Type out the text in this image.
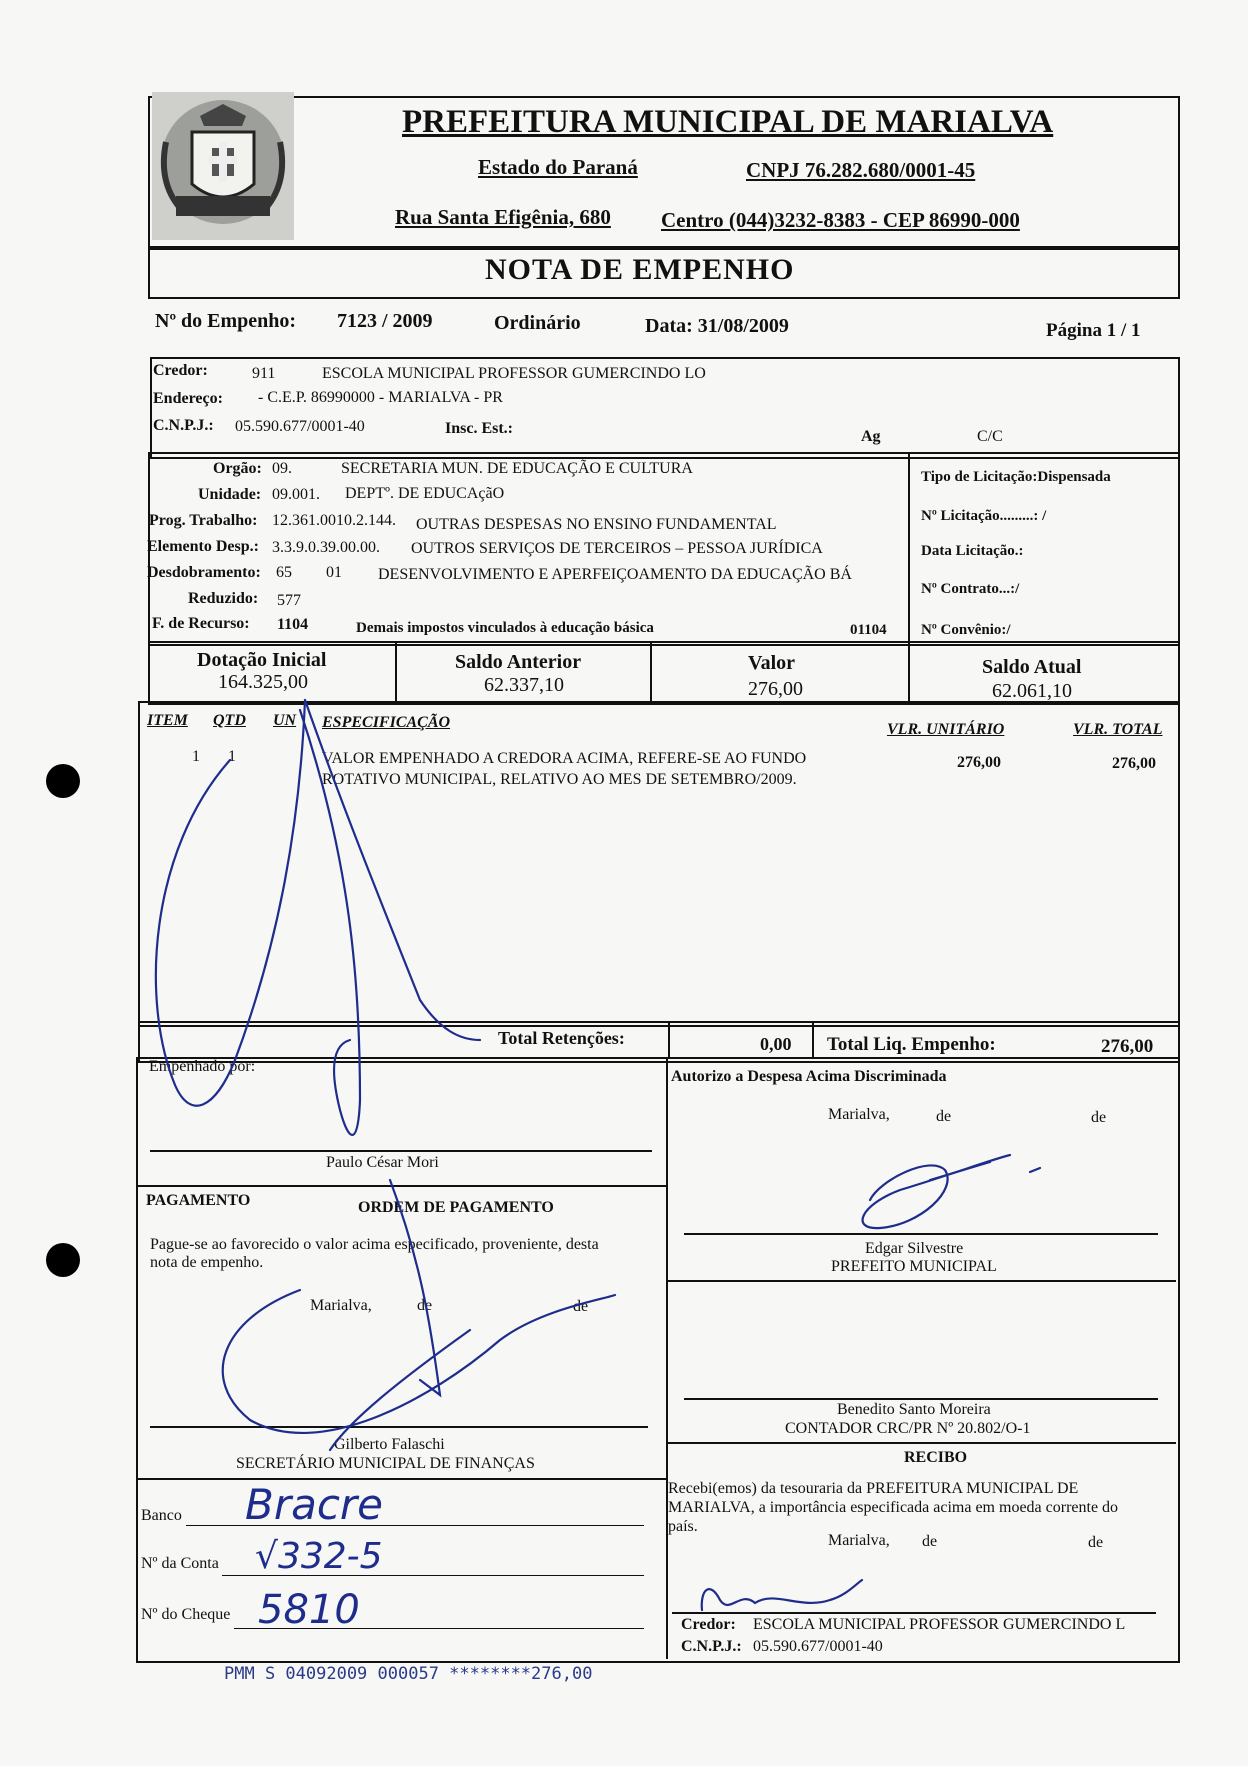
PREFEITURA MUNICIPAL DE MARIALVA
Estado do Paraná	CNPJ 76.282.680/0001-45
Rua Santa Efigênia, 680 Centro (044)3232-8383 - CEP 86990-000
NOTA DE EMPENHO
Nº do Empenho: 7123 / 2009	Ordinário	Data: 31/08/2009	Página 1 / 1
Credor:	911	ESCOLA MUNICIPAL PROFESSOR GUMERCINDO LO
Endereço: - C.E.P. 86990000 - MARIALVA - PR
C.N.P.J.: 05.590.677/0001-40	Insc. Est.:	Ag	C/C
Orgão: 09.	SECRETARIA MUN. DE EDUCAÇÃO E CULTURA
Unidade: 09.001. DEPTº. DE EDUCAçãO
Prog. Trabalho: 12.361.0010.2.144. OUTRAS DESPESAS NO ENSINO FUNDAMENTAL
Elemento Desp.: 3.3.9.0.39.00.00. OUTROS SERVIÇOS DE TERCEIROS – PESSOA JURÍDICA
Desdobramento: 65 01 DESENVOLVIMENTO E APERFEIÇOAMENTO DA EDUCAÇÃO BÁ
Reduzido: 577
F. de Recurso: 1104	Demais impostos vinculados à educação básica	01104
Tipo de Licitação:Dispensada
Nº Licitação.........: /
Data Licitação.:
Nº Contrato...:/
Nº Convênio:/
Dotação Inicial
164.325,00
Saldo Anterior
62.337,10
Valor
276,00
Saldo Atual
62.061,10
ITEM QTD UN ESPECIFICAÇÃO	VLR. UNITÁRIO	VLR. TOTAL
1 1	VALOR EMPENHADO A CREDORA ACIMA, REFERE-SE AO FUNDO
ROTATIVO MUNICIPAL, RELATIVO AO MES DE SETEMBRO/2009.
276,00	276,00
Total Retenções:	0,00 Total Liq. Empenho:	276,00
Empenhado por:
Paulo César Mori
PAGAMENTO	ORDEM DE PAGAMENTO
Pague-se ao favorecido o valor acima especificado, proveniente, desta
nota de empenho.
Marialva,	de	de
Gilberto Falaschi
SECRETÁRIO MUNICIPAL DE FINANÇAS
Banco Bracre
Nº da Conta √332-5
Nº do Cheque 5810
Autorizo a Despesa Acima Discriminada
Marialva,	de	de
Edgar Silvestre
PREFEITO MUNICIPAL
Benedito Santo Moreira
CONTADOR CRC/PR Nº 20.802/O-1
RECIBO
Recebi(emos) da tesouraria da PREFEITURA MUNICIPAL DE
MARIALVA, a importância especificada acima em moeda corrente do
país.
Marialva, de	de
Credor: ESCOLA MUNICIPAL PROFESSOR GUMERCINDO L
C.N.P.J.: 05.590.677/0001-40
PMM S 04092009 000057 ********276,00
